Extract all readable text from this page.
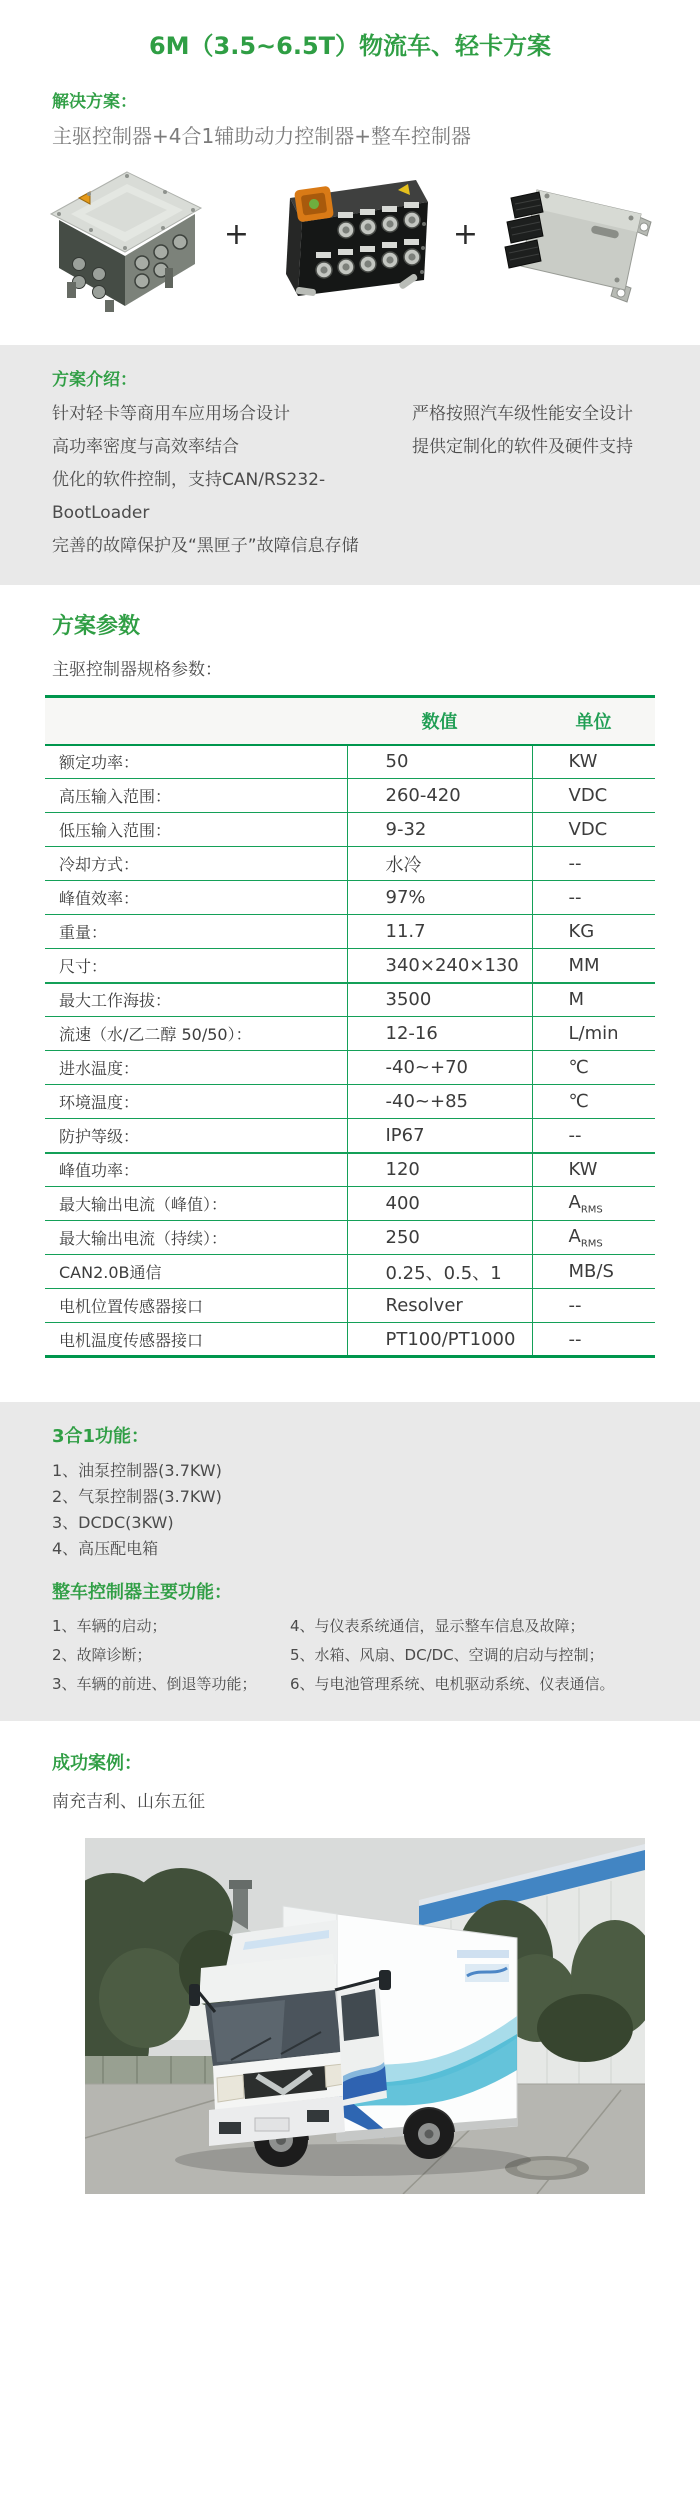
6M（3.5~6.5T）物流车、轻卡方案
解决方案：

主驱控制器+4合1辅助动力控制器+整车控制器

+	+
方案介绍：
针对轻卡等商用车应用场合设计	严格按照汽车级性能安全设计
高功率密度与高效率结合	提供定制化的软件及硬件支持
优化的软件控制，支持CAN/RS232-BootLoader
完善的故障保护及“黑匣子”故障信息存储
方案参数

主驱控制器规格参数：

	数值	单位
额定功率：	50	KW
高压输入范围：	260-420	VDC
低压输入范围：	9-32	VDC
冷却方式：	水冷	--
峰值效率：	97%	--
重量：	11.7	KG
尺寸：	340×240×130	MM
最大工作海拔：	3500	M
流速（水/乙二醇 50/50）：	12-16	L/min
进水温度：	-40~+70	℃
环境温度：	-40~+85	℃
防护等级：	IP67	--
峰值功率：	120	KW
最大输出电流（峰值）：	400	$A_{RMS}$
最大输出电流（持续）：	250	$A_{RMS}$
CAN2.0B通信	0.25、0.5、1	MB/S
电机位置传感器接口	Resolver	--
电机温度传感器接口	PT100/PT1000	--
3合1功能：
1、油泵控制器(3.7KW)
2、气泵控制器(3.7KW)
3、DCDC(3KW)
4、高压配电箱
整车控制器主要功能：
1、车辆的启动；
2、故障诊断；
3、车辆的前进、倒退等功能；
4、与仪表系统通信，显示整车信息及故障；
5、水箱、风扇、DC/DC、空调的启动与控制；
6、与电池管理系统、电机驱动系统、仪表通信。
成功案例：

南充吉利、山东五征
